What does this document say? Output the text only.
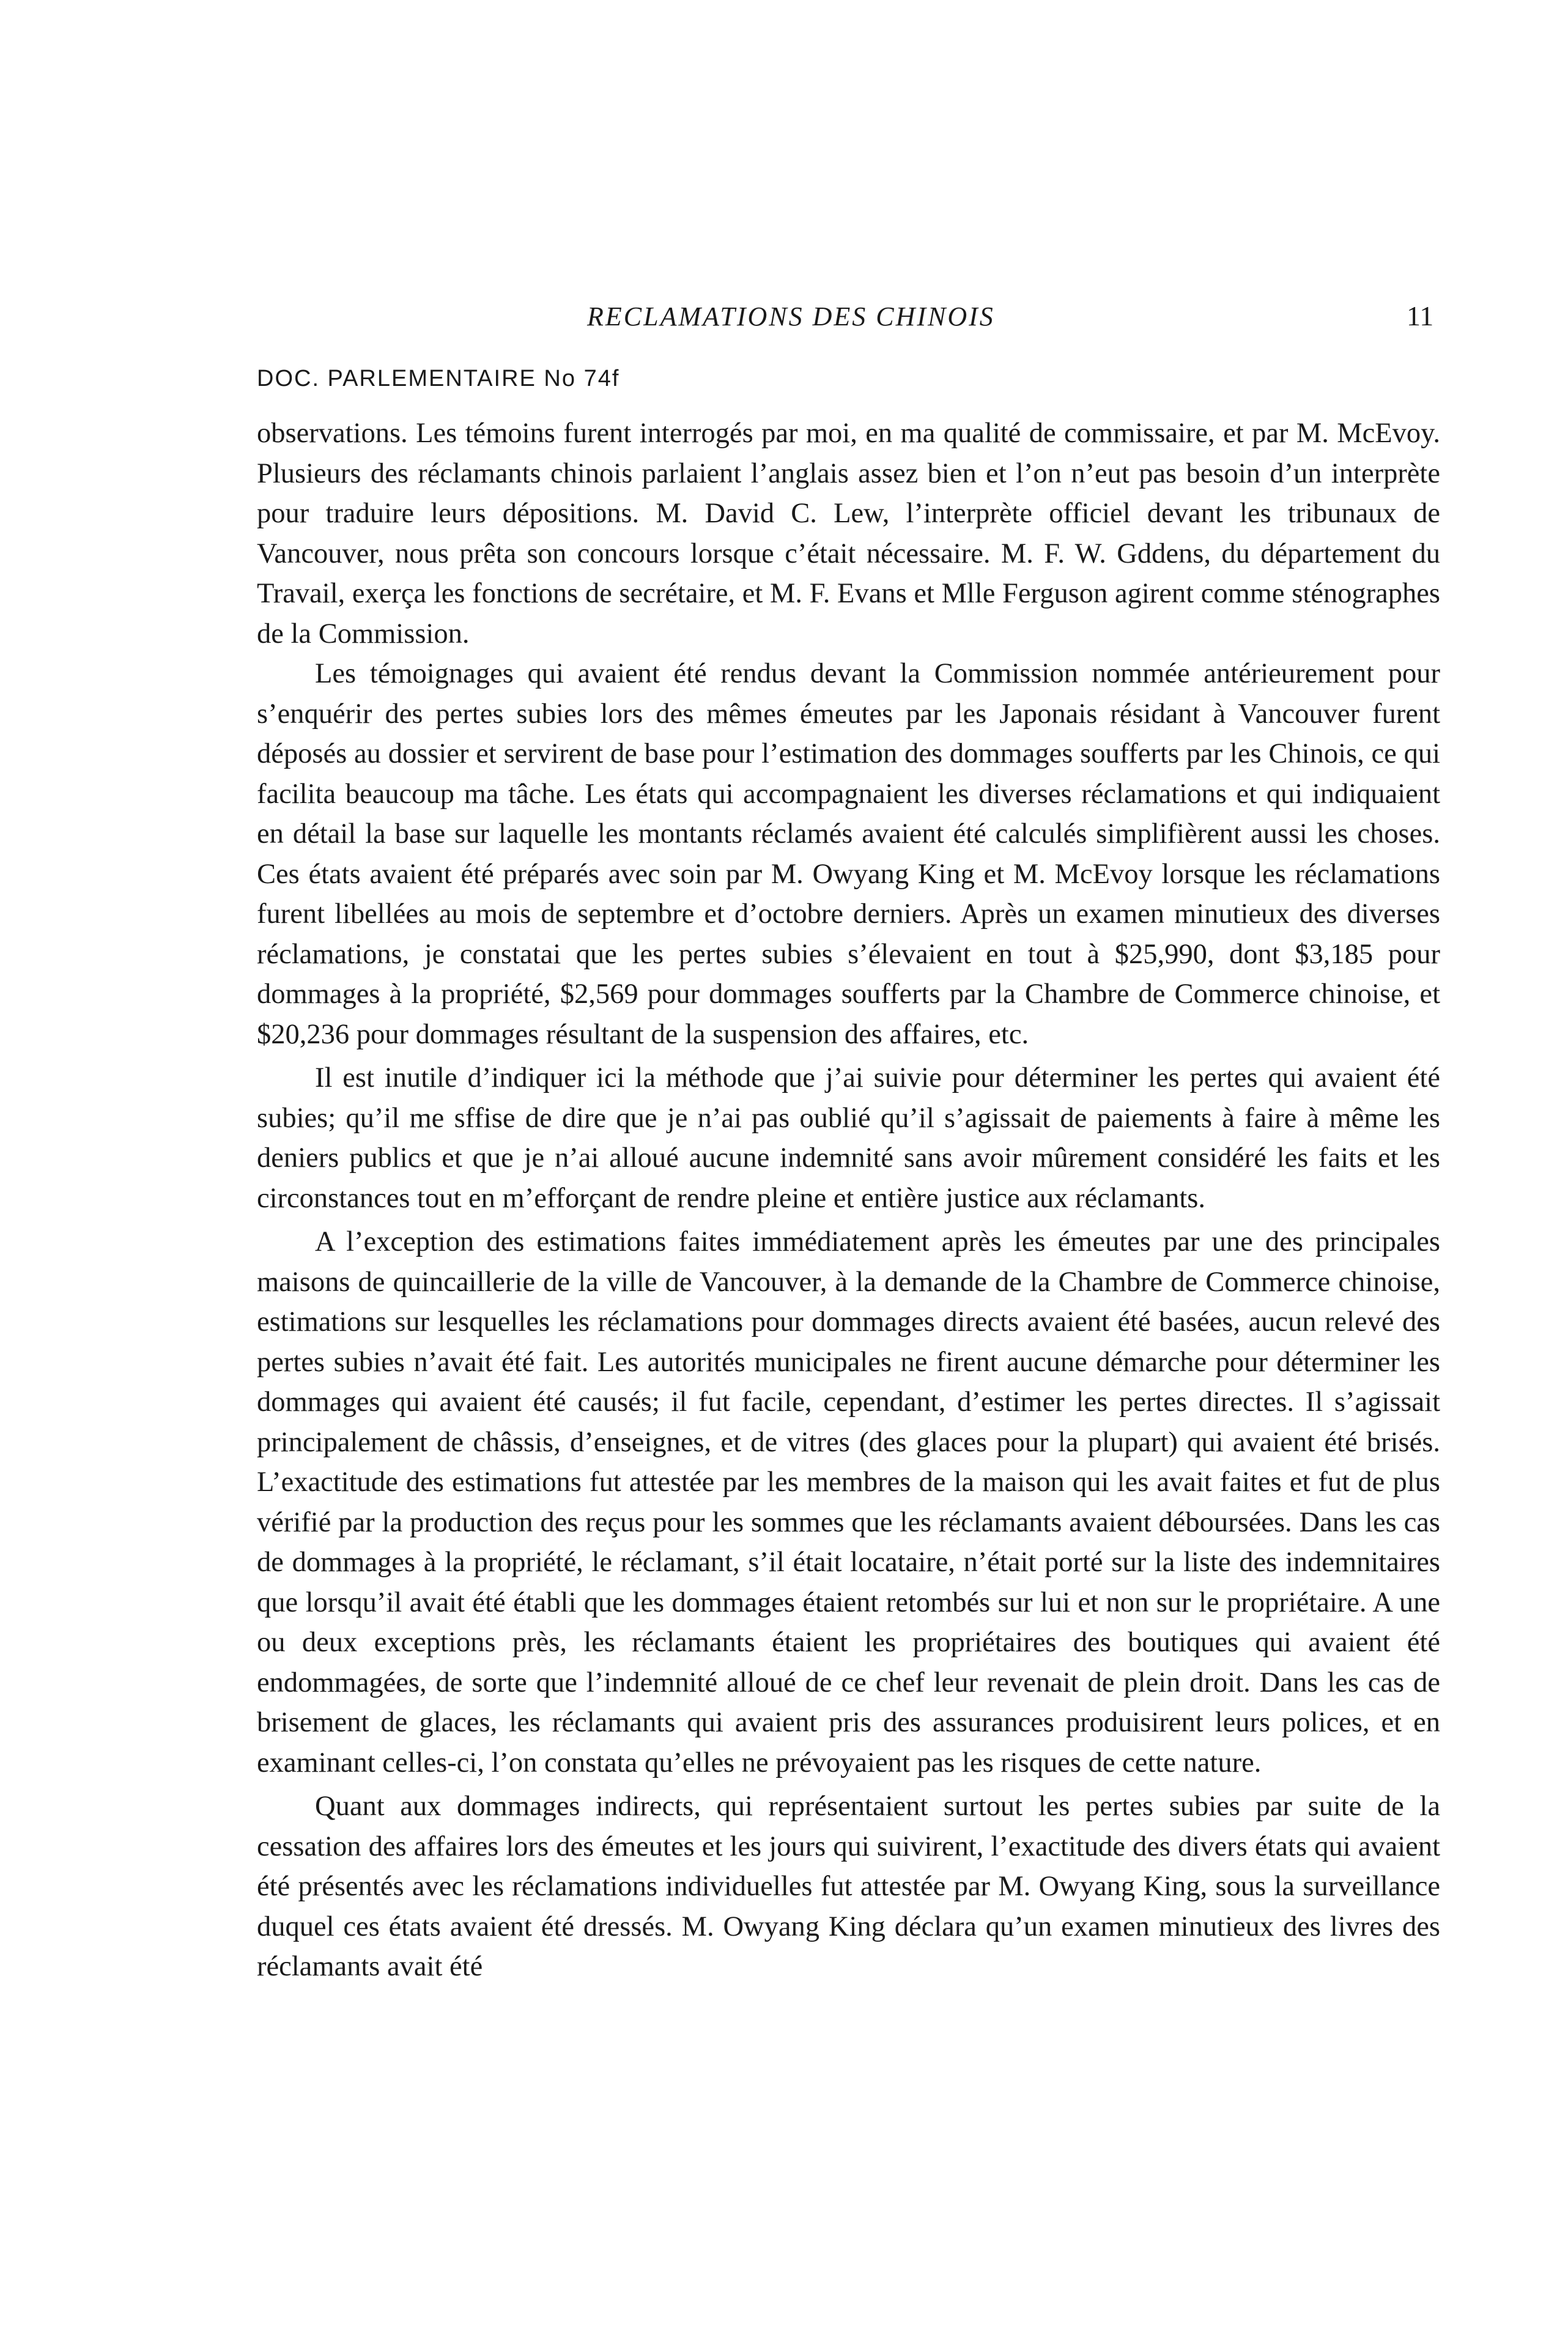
RECLAMATIONS DES CHINOIS	11
DOC. PARLEMENTAIRE No 74f

observations. Les témoins furent interrogés par moi, en ma qualité de commissaire, et par M. McEvoy. Plusieurs des réclamants chinois parlaient l’anglais assez bien et l’on n’eut pas besoin d’un interprète pour traduire leurs dépositions. M. David C. Lew, l’interprète officiel devant les tribunaux de Vancouver, nous prêta son concours lorsque c’était nécessaire. M. F. W. Gddens, du département du Travail, exerça les fonctions de secrétaire, et M. F. Evans et Mlle Ferguson agirent comme sténographes de la Commission.

Les témoignages qui avaient été rendus devant la Commission nommée antérieurement pour s’enquérir des pertes subies lors des mêmes émeutes par les Japonais résidant à Vancouver furent déposés au dossier et servirent de base pour l’estimation des dommages soufferts par les Chinois, ce qui facilita beaucoup ma tâche. Les états qui accompagnaient les diverses réclamations et qui indiquaient en détail la base sur laquelle les montants réclamés avaient été calculés simplifièrent aussi les choses. Ces états avaient été préparés avec soin par M. Owyang King et M. McEvoy lorsque les réclamations furent libellées au mois de septembre et d’octobre derniers. Après un examen minutieux des diverses réclamations, je constatai que les pertes subies s’élevaient en tout à $25,990, dont $3,185 pour dommages à la propriété, $2,569 pour dommages soufferts par la Chambre de Commerce chinoise, et $20,236 pour dommages résultant de la suspension des affaires, etc.

Il est inutile d’indiquer ici la méthode que j’ai suivie pour déterminer les pertes qui avaient été subies; qu’il me sffise de dire que je n’ai pas oublié qu’il s’agissait de paiements à faire à même les deniers publics et que je n’ai alloué aucune indemnité sans avoir mûrement considéré les faits et les circonstances tout en m’efforçant de rendre pleine et entière justice aux réclamants.

A l’exception des estimations faites immédiatement après les émeutes par une des principales maisons de quincaillerie de la ville de Vancouver, à la demande de la Chambre de Commerce chinoise, estimations sur lesquelles les réclamations pour dommages directs avaient été basées, aucun relevé des pertes subies n’avait été fait. Les autorités municipales ne firent aucune démarche pour déterminer les dommages qui avaient été causés; il fut facile, cependant, d’estimer les pertes directes. Il s’agissait principalement de châssis, d’enseignes, et de vitres (des glaces pour la plupart) qui avaient été brisés. L’exactitude des estimations fut attestée par les membres de la maison qui les avait faites et fut de plus vérifié par la production des reçus pour les sommes que les réclamants avaient déboursées. Dans les cas de dommages à la propriété, le réclamant, s’il était locataire, n’était porté sur la liste des indemnitaires que lorsqu’il avait été établi que les dommages étaient retombés sur lui et non sur le propriétaire. A une ou deux exceptions près, les réclamants étaient les propriétaires des boutiques qui avaient été endommagées, de sorte que l’indemnité alloué de ce chef leur revenait de plein droit. Dans les cas de brisement de glaces, les réclamants qui avaient pris des assurances produisirent leurs polices, et en examinant celles-ci, l’on constata qu’elles ne prévoyaient pas les risques de cette nature.

Quant aux dommages indirects, qui représentaient surtout les pertes subies par suite de la cessation des affaires lors des émeutes et les jours qui suivirent, l’exactitude des divers états qui avaient été présentés avec les réclamations individuelles fut attestée par M. Owyang King, sous la surveillance duquel ces états avaient été dressés. M. Owyang King déclara qu’un examen minutieux des livres des réclamants avait été
